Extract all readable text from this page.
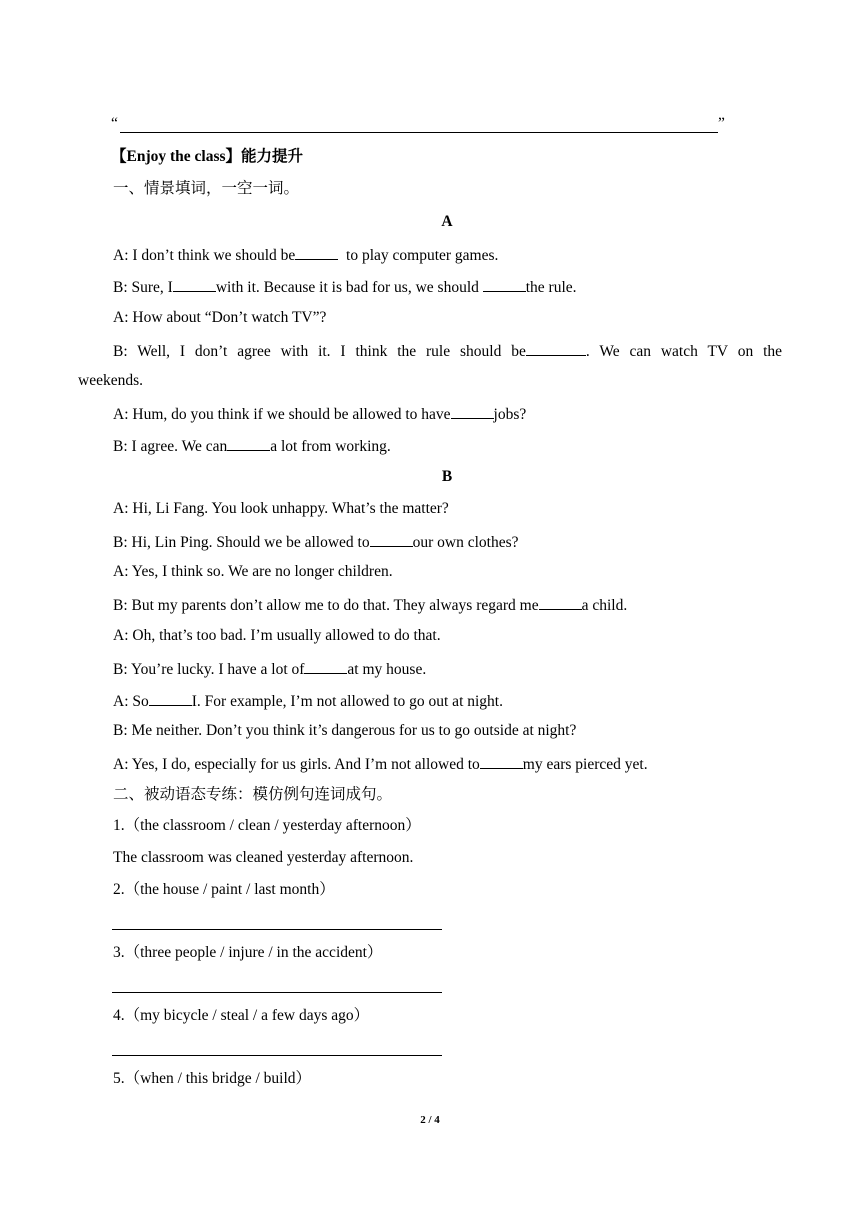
“	”
【Enjoy the class】能力提升
一、情景填词，一空一词。
A
A: I don’t think we should be	to play computer games.
B: Sure, I	with it. Because it is bad for us, we should	the rule.
A: How about “Don’t watch TV”?
B: Well, I don’t agree with it. I think the rule should be	. We can watch TV on the
weekends.
A: Hum, do you think if we should be allowed to have	jobs?
B: I agree. We can	a lot from working.
B
A: Hi, Li Fang. You look unhappy. What’s the matter?
B: Hi, Lin Ping. Should we be allowed to	our own clothes?
A: Yes, I think so. We are no longer children.
B: But my parents don’t allow me to do that. They always regard me	a child.
A: Oh, that’s too bad. I’m usually allowed to do that.
B: You’re lucky. I have a lot of	at my house.
A: So	I. For example, I’m not allowed to go out at night.
B: Me neither. Don’t you think it’s dangerous for us to go outside at night?
A: Yes, I do, especially for us girls. And I’m not allowed to	my ears pierced yet.
二、被动语态专练：模仿例句连词成句。
1.（the classroom / clean / yesterday afternoon）
The classroom was cleaned yesterday afternoon.
2.（the house / paint / last month）
3.（three people / injure / in the accident）
4.（my bicycle / steal / a few days ago）
5.（when / this bridge / build）
2 / 4
